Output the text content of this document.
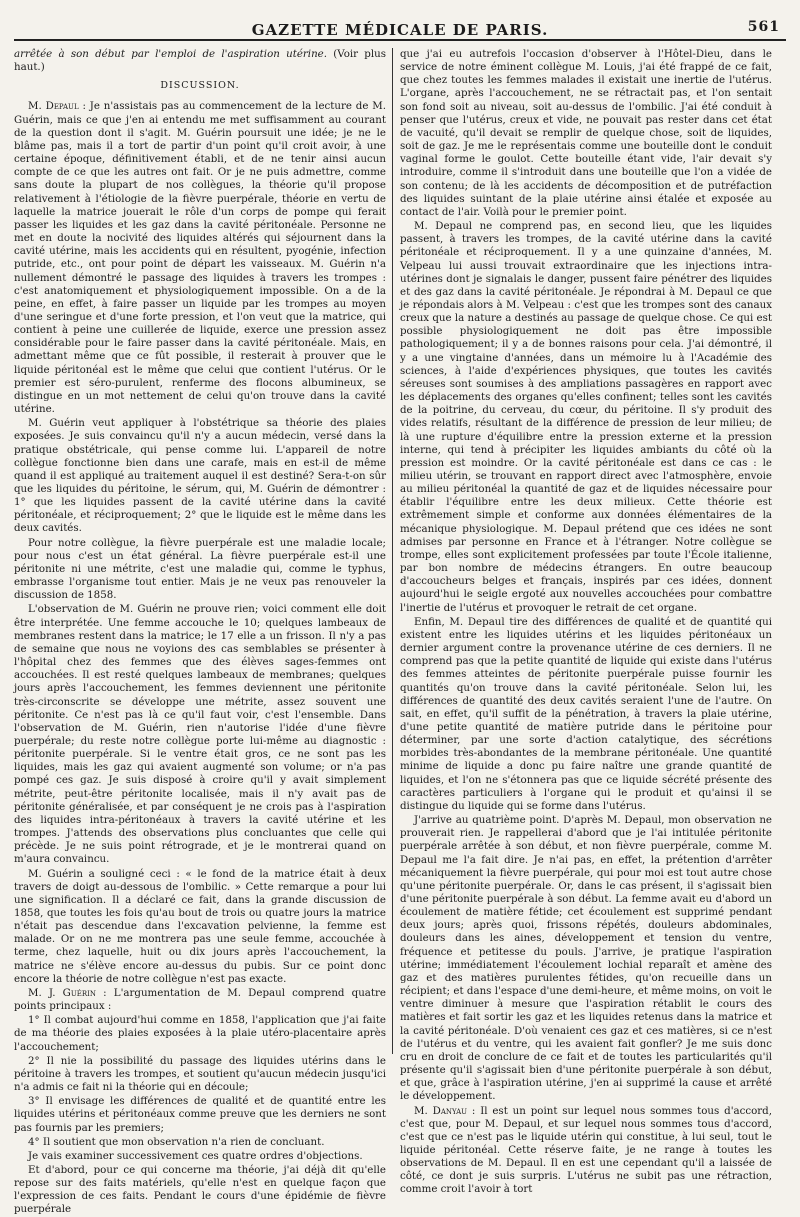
GAZETTE MÉDICALE DE PARIS.	561

arrêtée à son début par l'emploi de l'aspiration utérine. (Voir plus haut.)

DISCUSSION.

M. Depaul : Je n'assistais pas au commencement de la lecture de M. Guérin, mais ce que j'en ai entendu me met suffisamment au courant de la question dont il s'agit. M. Guérin poursuit une idée; je ne le blâme pas, mais il a tort de partir d'un point qu'il croit avoir, à une certaine époque, définitivement établi, et de ne tenir ainsi aucun compte de ce que les autres ont fait. Or je ne puis admettre, comme sans doute la plupart de nos collègues, la théorie qu'il propose relativement à l'étiologie de la fièvre puerpérale, théorie en vertu de laquelle la matrice jouerait le rôle d'un corps de pompe qui ferait passer les liquides et les gaz dans la cavité péritonéale. Personne ne met en doute la nocivité des liquides altérés qui séjournent dans la cavité utérine, mais les accidents qui en résultent, pyogénie, infection putride, etc., ont pour point de départ les vaisseaux. M. Guérin n'a nullement démontré le passage des liquides à travers les trompes : c'est anatomiquement et physiologiquement impossible. On a de la peine, en effet, à faire passer un liquide par les trompes au moyen d'une seringue et d'une forte pression, et l'on veut que la matrice, qui contient à peine une cuillerée de liquide, exerce une pression assez considérable pour le faire passer dans la cavité péritonéale. Mais, en admettant même que ce fût possible, il resterait à prouver que le liquide péritonéal est le même que celui que contient l'utérus. Or le premier est séro-purulent, renferme des flocons albumineux, se distingue en un mot nettement de celui qu'on trouve dans la cavité utérine.

M. Guérin veut appliquer à l'obstétrique sa théorie des plaies exposées. Je suis convaincu qu'il n'y a aucun médecin, versé dans la pratique obstétricale, qui pense comme lui. L'appareil de notre collègue fonctionne bien dans une carafe, mais en est-il de même quand il est appliqué au traitement auquel il est destiné? Sera-t-on sûr que les liquides du péritoine, le sérum, qui, M. Guérin de démontrer : 1° que les liquides passent de la cavité utérine dans la cavité péritonéale, et réciproquement; 2° que le liquide est le même dans les deux cavités.

Pour notre collègue, la fièvre puerpérale est une maladie locale; pour nous c'est un état général. La fièvre puerpérale est-il une péritonite ni une métrite, c'est une maladie qui, comme le typhus, embrasse l'organisme tout entier. Mais je ne veux pas renouveler la discussion de 1858.

L'observation de M. Guérin ne prouve rien; voici comment elle doit être interprétée. Une femme accouche le 10; quelques lambeaux de membranes restent dans la matrice; le 17 elle a un frisson. Il n'y a pas de semaine que nous ne voyions des cas semblables se présenter à l'hôpital chez des femmes que des élèves sages-femmes ont accouchées. Il est resté quelques lambeaux de membranes; quelques jours après l'accouchement, les femmes deviennent une péritonite très-circonscrite se développe une métrite, assez souvent une péritonite. Ce n'est pas là ce qu'il faut voir, c'est l'ensemble. Dans l'observation de M. Guérin, rien n'autorise l'idée d'une fièvre puerpérale; du reste notre collègue porte lui-même au diagnostic : péritonite puerpérale. Si le ventre était gros, ce ne sont pas les liquides, mais les gaz qui avaient augmenté son volume; or n'a pas pompé ces gaz. Je suis disposé à croire qu'il y avait simplement métrite, peut-être péritonite localisée, mais il n'y avait pas de péritonite généralisée, et par conséquent je ne crois pas à l'aspiration des liquides intra-péritonéaux à travers la cavité utérine et les trompes. J'attends des observations plus concluantes que celle qui précède. Je ne suis point rétrograde, et je le montrerai quand on m'aura convaincu.

M. Guérin a souligné ceci : « le fond de la matrice était à deux travers de doigt au-dessous de l'ombilic. » Cette remarque a pour lui une signification. Il a déclaré ce fait, dans la grande discussion de 1858, que toutes les fois qu'au bout de trois ou quatre jours la matrice n'était pas descendue dans l'excavation pelvienne, la femme est malade. Or on ne me montrera pas une seule femme, accouchée à terme, chez laquelle, huit ou dix jours après l'accouchement, la matrice ne s'élève encore au-dessus du pubis. Sur ce point donc encore la théorie de notre collègue n'est pas exacte.

M. J. Guérin : L'argumentation de M. Depaul comprend quatre points principaux :

1° Il combat aujourd'hui comme en 1858, l'application que j'ai faite de ma théorie des plaies exposées à la plaie utéro-placentaire après l'accouchement;

2° Il nie la possibilité du passage des liquides utérins dans le péritoine à travers les trompes, et soutient qu'aucun médecin jusqu'ici n'a admis ce fait ni la théorie qui en découle;

3° Il envisage les différences de qualité et de quantité entre les liquides utérins et péritonéaux comme preuve que les derniers ne sont pas fournis par les premiers;

4° Il soutient que mon observation n'a rien de concluant.

Je vais examiner successivement ces quatre ordres d'objections.

Et d'abord, pour ce qui concerne ma théorie, j'ai déjà dit qu'elle repose sur des faits matériels, qu'elle n'est en quelque façon que l'expression de ces faits. Pendant le cours d'une épidémie de fièvre puerpérale

que j'ai eu autrefois l'occasion d'observer à l'Hôtel-Dieu, dans le service de notre éminent collègue M. Louis, j'ai été frappé de ce fait, que chez toutes les femmes malades il existait une inertie de l'utérus. L'organe, après l'accouchement, ne se rétractait pas, et l'on sentait son fond soit au niveau, soit au-dessus de l'ombilic. J'ai été conduit à penser que l'utérus, creux et vide, ne pouvait pas rester dans cet état de vacuité, qu'il devait se remplir de quelque chose, soit de liquides, soit de gaz. Je me le représentais comme une bouteille dont le conduit vaginal forme le goulot. Cette bouteille étant vide, l'air devait s'y introduire, comme il s'introduit dans une bouteille que l'on a vidée de son contenu; de là les accidents de décomposition et de putréfaction des liquides suintant de la plaie utérine ainsi étalée et exposée au contact de l'air. Voilà pour le premier point.

M. Depaul ne comprend pas, en second lieu, que les liquides passent, à travers les trompes, de la cavité utérine dans la cavité péritonéale et réciproquement. Il y a une quinzaine d'années, M. Velpeau lui aussi trouvait extraordinaire que les injections intra-utérines dont je signalais le danger, pussent faire pénétrer des liquides et des gaz dans la cavité péritonéale. Je répondrai à M. Depaul ce que je répondais alors à M. Velpeau : c'est que les trompes sont des canaux creux que la nature a destinés au passage de quelque chose. Ce qui est possible physiologiquement ne doit pas être impossible pathologiquement; il y a de bonnes raisons pour cela. J'ai démontré, il y a une vingtaine d'années, dans un mémoire lu à l'Académie des sciences, à l'aide d'expériences physiques, que toutes les cavités séreuses sont soumises à des ampliations passagères en rapport avec les déplacements des organes qu'elles confinent; telles sont les cavités de la poitrine, du cerveau, du cœur, du péritoine. Il s'y produit des vides relatifs, résultant de la différence de pression de leur milieu; de là une rupture d'équilibre entre la pression externe et la pression interne, qui tend à précipiter les liquides ambiants du côté où la pression est moindre. Or la cavité péritonéale est dans ce cas : le milieu utérin, se trouvant en rapport direct avec l'atmosphère, envoie au milieu péritonéal la quantité de gaz et de liquides nécessaire pour établir l'équilibre entre les deux milieux. Cette théorie est extrêmement simple et conforme aux données élémentaires de la mécanique physiologique. M. Depaul prétend que ces idées ne sont admises par personne en France et à l'étranger. Notre collègue se trompe, elles sont explicitement professées par toute l'École italienne, par bon nombre de médecins étrangers. En outre beaucoup d'accoucheurs belges et français, inspirés par ces idées, donnent aujourd'hui le seigle ergoté aux nouvelles accouchées pour combattre l'inertie de l'utérus et provoquer le retrait de cet organe.

Enfin, M. Depaul tire des différences de qualité et de quantité qui existent entre les liquides utérins et les liquides péritonéaux un dernier argument contre la provenance utérine de ces derniers. Il ne comprend pas que la petite quantité de liquide qui existe dans l'utérus des femmes atteintes de péritonite puerpérale puisse fournir les quantités qu'on trouve dans la cavité péritonéale. Selon lui, les différences de quantité des deux cavités seraient l'une de l'autre. On sait, en effet, qu'il suffit de la pénétration, à travers la plaie utérine, d'une petite quantité de matière putride dans le péritoine pour déterminer, par une sorte d'action catalytique, des sécrétions morbides très-abondantes de la membrane péritonéale. Une quantité minime de liquide a donc pu faire naître une grande quantité de liquides, et l'on ne s'étonnera pas que ce liquide sécrété présente des caractères particuliers à l'organe qui le produit et qu'ainsi il se distingue du liquide qui se forme dans l'utérus.

J'arrive au quatrième point. D'après M. Depaul, mon observation ne prouverait rien. Je rappellerai d'abord que je l'ai intitulée péritonite puerpérale arrêtée à son début, et non fièvre puerpérale, comme M. Depaul me l'a fait dire. Je n'ai pas, en effet, la prétention d'arrêter mécaniquement la fièvre puerpérale, qui pour moi est tout autre chose qu'une péritonite puerpérale. Or, dans le cas présent, il s'agissait bien d'une péritonite puerpérale à son début. La femme avait eu d'abord un écoulement de matière fétide; cet écoulement est supprimé pendant deux jours; après quoi, frissons répétés, douleurs abdominales, douleurs dans les aines, développement et tension du ventre, fréquence et petitesse du pouls. J'arrive, je pratique l'aspiration utérine; immédiatement l'écoulement lochial reparaît et amène des gaz et des matières purulentes fétides, qu'on recueille dans un récipient; et dans l'espace d'une demi-heure, et même moins, on voit le ventre diminuer à mesure que l'aspiration rétablit le cours des matières et fait sortir les gaz et les liquides retenus dans la matrice et la cavité péritonéale. D'où venaient ces gaz et ces matières, si ce n'est de l'utérus et du ventre, qui les avaient fait gonfler? Je me suis donc cru en droit de conclure de ce fait et de toutes les particularités qu'il présente qu'il s'agissait bien d'une péritonite puerpérale à son début, et que, grâce à l'aspiration utérine, j'en ai supprimé la cause et arrêté le développement.

M. Danyau : Il est un point sur lequel nous sommes tous d'accord, c'est que, pour M. Depaul, et sur lequel nous sommes tous d'accord, c'est que ce n'est pas le liquide utérin qui constitue, à lui seul, tout le liquide péritonéal. Cette réserve faite, je ne range à toutes les observations de M. Depaul. Il en est une cependant qu'il a laissée de côté, ce dont je suis surpris. L'utérus ne subit pas une rétraction, comme croit l'avoir à tort
